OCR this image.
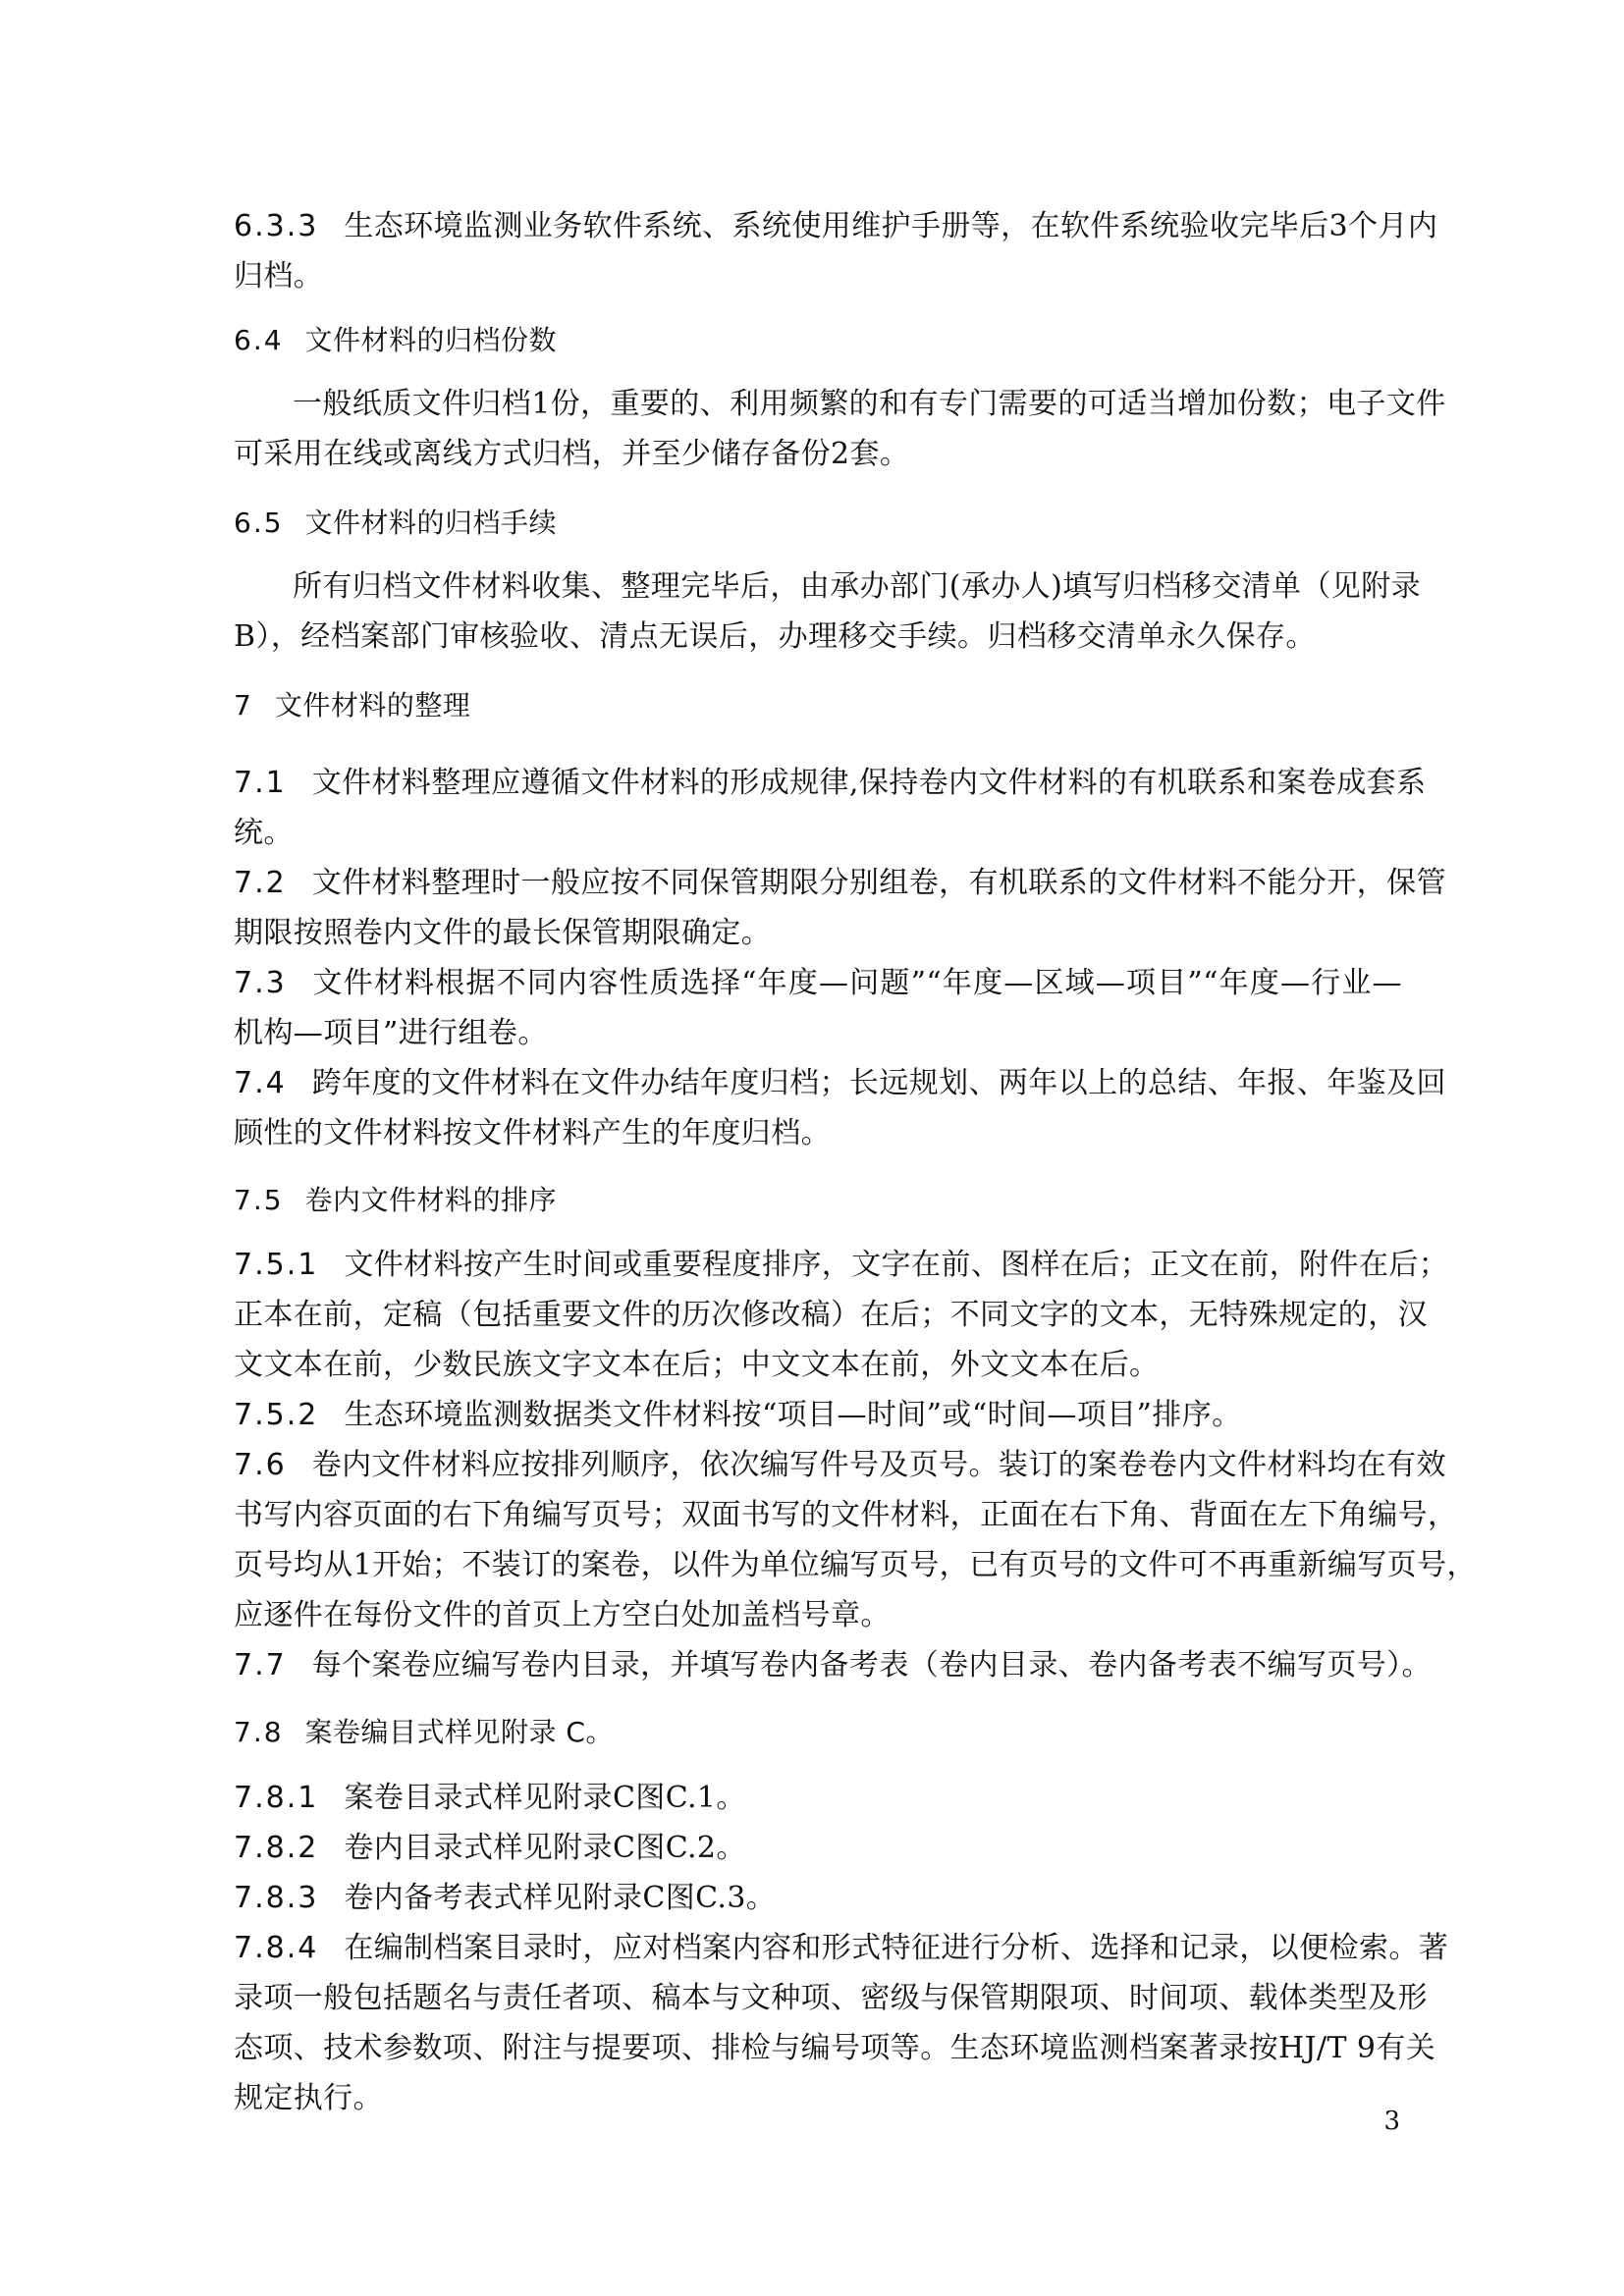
6.3.3 生态环境监测业务软件系统、系统使用维护手册等，在软件系统验收完毕后3个月内
归档。
6.4 文件材料的归档份数
一般纸质文件归档1份，重要的、利用频繁的和有专门需要的可适当增加份数；电子文件
可采用在线或离线方式归档，并至少储存备份2套。
6.5 文件材料的归档手续
所有归档文件材料收集、整理完毕后，由承办部门(承办人)填写归档移交清单（见附录
B），经档案部门审核验收、清点无误后，办理移交手续。归档移交清单永久保存。
7 文件材料的整理
7.1 文件材料整理应遵循文件材料的形成规律,保持卷内文件材料的有机联系和案卷成套系
统。
7.2 文件材料整理时一般应按不同保管期限分别组卷，有机联系的文件材料不能分开，保管
期限按照卷内文件的最长保管期限确定。
7.3 文件材料根据不同内容性质选择“年度—问题”“年度—区域—项目”“年度—行业—
机构—项目”进行组卷。
7.4 跨年度的文件材料在文件办结年度归档；长远规划、两年以上的总结、年报、年鉴及回
顾性的文件材料按文件材料产生的年度归档。
7.5 卷内文件材料的排序
7.5.1 文件材料按产生时间或重要程度排序，文字在前、图样在后；正文在前，附件在后；
正本在前，定稿（包括重要文件的历次修改稿）在后；不同文字的文本，无特殊规定的，汉
文文本在前，少数民族文字文本在后；中文文本在前，外文文本在后。
7.5.2 生态环境监测数据类文件材料按“项目—时间”或“时间—项目”排序。
7.6 卷内文件材料应按排列顺序，依次编写件号及页号。装订的案卷卷内文件材料均在有效
书写内容页面的右下角编写页号；双面书写的文件材料，正面在右下角、背面在左下角编号，
页号均从1开始；不装订的案卷，以件为单位编写页号，已有页号的文件可不再重新编写页号，
应逐件在每份文件的首页上方空白处加盖档号章。
7.7 每个案卷应编写卷内目录，并填写卷内备考表（卷内目录、卷内备考表不编写页号）。
7.8 案卷编目式样见附录 C。
7.8.1 案卷目录式样见附录C图C.1。
7.8.2 卷内目录式样见附录C图C.2。
7.8.3 卷内备考表式样见附录C图C.3。
7.8.4 在编制档案目录时，应对档案内容和形式特征进行分析、选择和记录，以便检索。著
录项一般包括题名与责任者项、稿本与文种项、密级与保管期限项、时间项、载体类型及形
态项、技术参数项、附注与提要项、排检与编号项等。生态环境监测档案著录按HJ/T 9有关
规定执行。
3
